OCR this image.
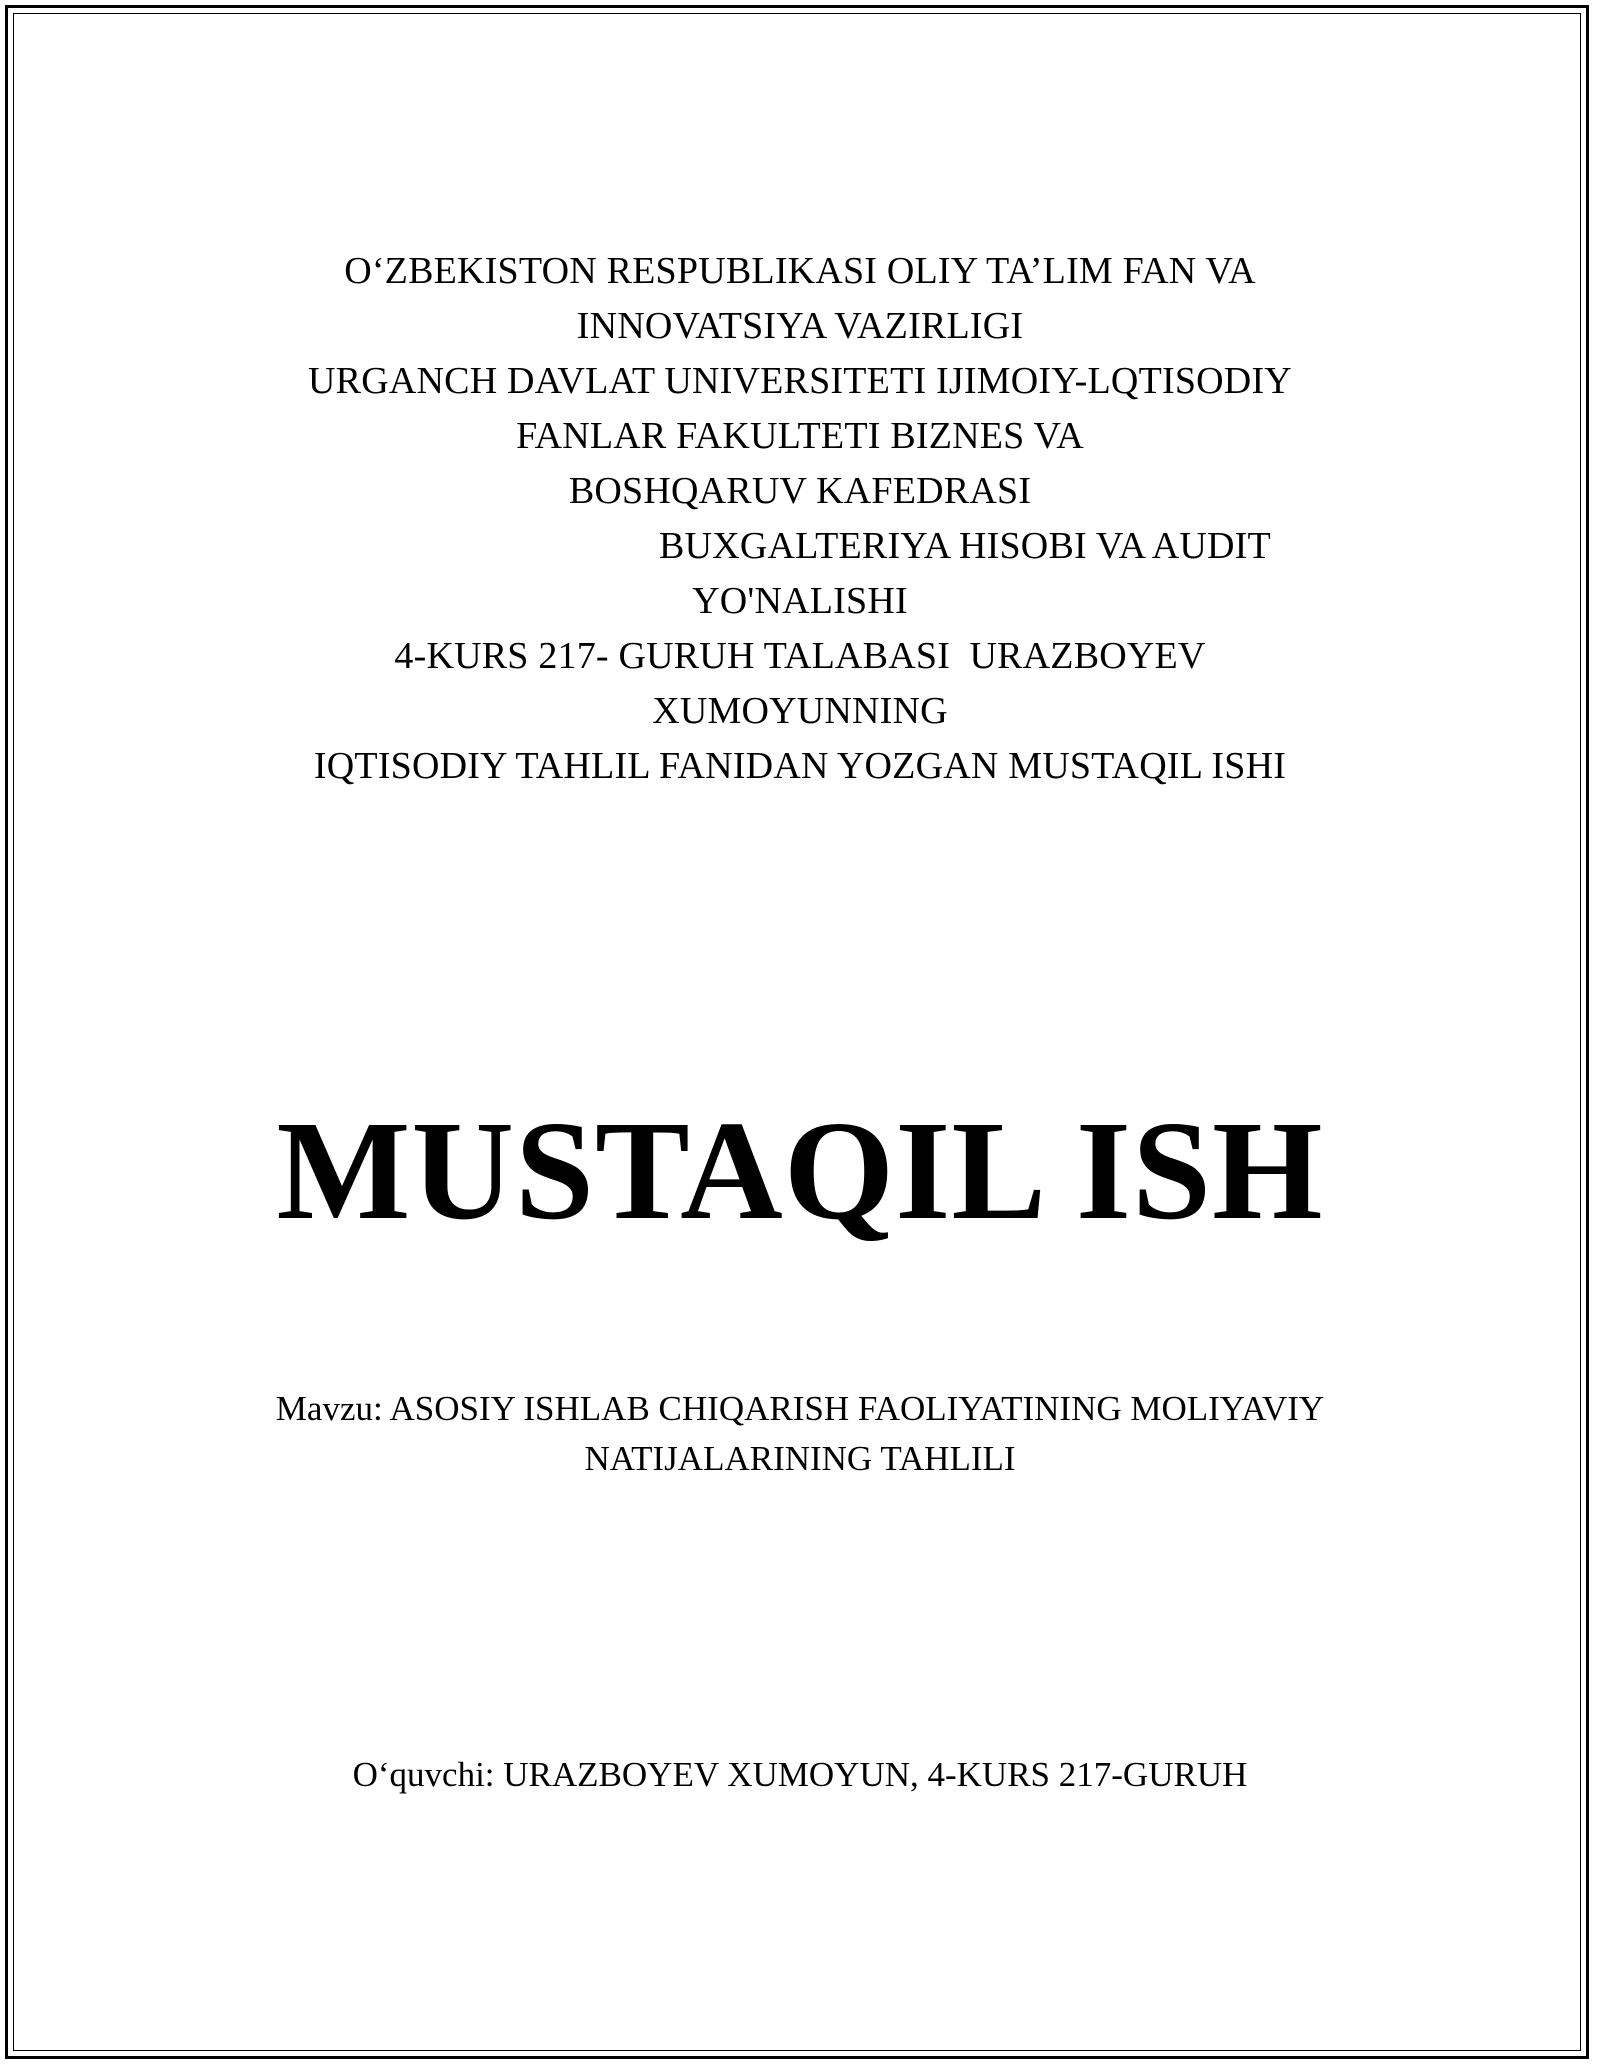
O‘ZBEKISTON RESPUBLIKASI OLIY TA’LIM FAN VA
INNOVATSIYA VAZIRLIGI
URGANCH DAVLAT UNIVERSITETI IJIMOIY-LQTISODIY
FANLAR FAKULTETI BIZNES VA
BOSHQARUV KAFEDRASI
BUXGALTERIYA HISOBI VA AUDIT
YO'NALISHI
4-KURS 217- GURUH TALABASI  URAZBOYEV
XUMOYUNNING
IQTISODIY TAHLIL FANIDAN YOZGAN MUSTAQIL ISHI
MUSTAQIL ISH
Mavzu: ASOSIY ISHLAB CHIQARISH FAOLIYATINING MOLIYAVIY
NATIJALARINING TAHLILI
O‘quvchi: URAZBOYEV XUMOYUN, 4-KURS 217-GURUH
